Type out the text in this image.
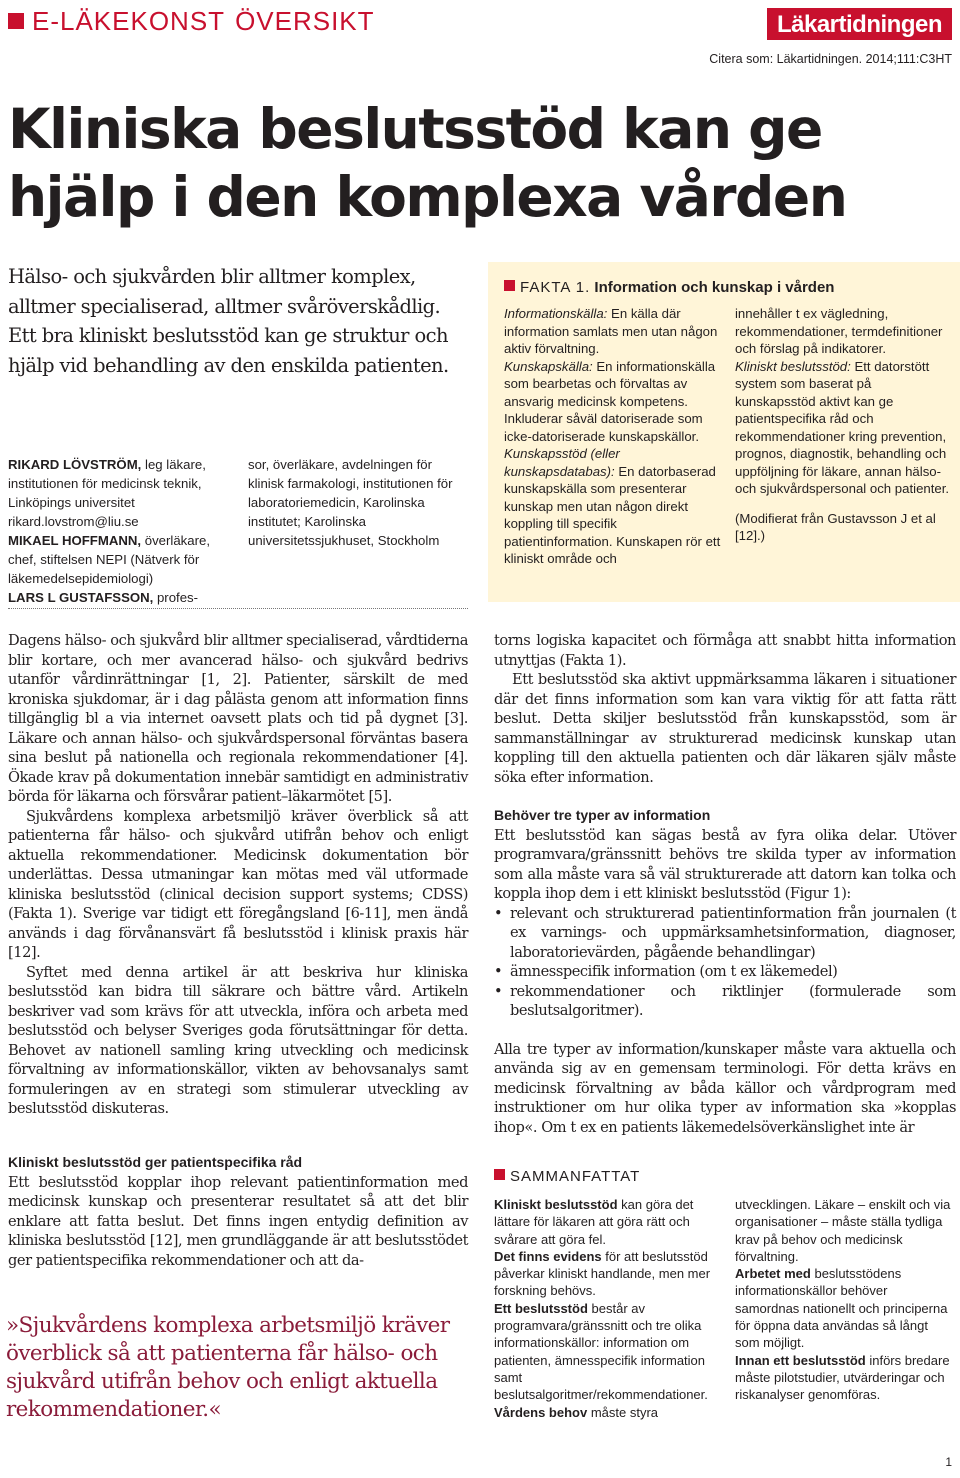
E-LÄKEKONST ÖVERSIKT	Läkartidningen
Citera som: Läkartidningen. 2014;111:C3HT
Kliniska beslutsstöd kan ge hjälp i den komplexa vården
Hälso- och sjukvården blir alltmer komplex, alltmer specialiserad, alltmer svåröverskådlig. Ett bra kliniskt beslutsstöd kan ge struktur och hjälp vid behandling av den enskilda patienten.

RIKARD LÖVSTRÖM, leg läkare, institutionen för medicinsk teknik, Linköpings universitet rikard.lovstrom@liu.se

MIKAEL HOFFMANN, överläkare, chef, stiftelsen NEPI (Nätverk för läkemedelsepidemiologi)

LARS L GUSTAFSSON, profes-

sor, överläkare, avdelningen för klinisk farmakologi, institutionen för laboratoriemedicin, Karolinska institutet; Karolinska universitetssjukhuset, Stockholm

FAKTA 1. Information och kunskap i vården

Informationskälla: En källa där information samlats men utan någon aktiv förvaltning.

Kunskapskälla: En informationskälla som bearbetas och förvaltas av ansvarig medicinsk kompetens. Inkluderar såväl datoriserade som icke-datoriserade kunskapskällor.

Kunskapsstöd (eller kunskapsdatabas): En datorbaserad kunskapskälla som presenterar kunskap men utan någon direkt koppling till specifik patientinformation. Kunskapen rör ett kliniskt område och

innehåller t ex vägledning, rekommendationer, termdefinitioner och förslag på indikatorer.

Kliniskt beslutsstöd: Ett datorstött system som baserat på kunskapsstöd aktivt kan ge patientspecifika råd och rekommendationer kring prevention, prognos, diagnostik, behandling och uppföljning för läkare, annan hälso- och sjukvårdspersonal och patienter.

(Modifierat från Gustavsson J et al [12].)

Dagens hälso- och sjukvård blir alltmer specialiserad, vårdtiderna blir kortare, och mer avancerad hälso- och sjukvård bedrivs utanför vårdinrättningar [1, 2]. Patienter, särskilt de med kroniska sjukdomar, är i dag pålästa genom att information finns tillgänglig bl a via internet oavsett plats och tid på dygnet [3]. Läkare och annan hälso- och sjukvårdspersonal förväntas basera sina beslut på nationella och regionala rekommendationer [4]. Ökade krav på dokumentation innebär samtidigt en administrativ börda för läkarna och försvårar patient–läkarmötet [5].

Sjukvårdens komplexa arbetsmiljö kräver överblick så att patienterna får hälso- och sjukvård utifrån behov och enligt aktuella rekommendationer. Medicinsk dokumentation bör underlättas. Dessa utmaningar kan mötas med väl utformade kliniska beslutsstöd (clinical decision support systems; CDSS) (Fakta 1). Sverige var tidigt ett föregångsland [6-11], men ändå används i dag förvånansvärt få beslutsstöd i klinisk praxis här [12].

Syftet med denna artikel är att beskriva hur kliniska beslutsstöd kan bidra till säkrare och bättre vård. Artikeln beskriver vad som krävs för att utveckla, införa och arbeta med beslutsstöd och belyser Sveriges goda förutsättningar för detta. Behovet av nationell samling kring utveckling och medicinsk förvaltning av informationskällor, vikten av behovsanalys samt formuleringen av en strategi som stimulerar utveckling av beslutsstöd diskuteras.

Kliniskt beslutsstöd ger patientspecifika råd

Ett beslutsstöd kopplar ihop relevant patientinformation med medicinsk kunskap och presenterar resultatet så att det blir enklare att fatta beslut. Det finns ingen entydig definition av kliniska beslutsstöd [12], men grundläggande är att beslutsstödet ger patientspecifika rekommendationer och att da-

»Sjukvårdens komplexa arbetsmiljö kräver överblick så att patienterna får hälso- och sjukvård utifrån behov och enligt aktuella rekommendationer.«

torns logiska kapacitet och förmåga att snabbt hitta information utnyttjas (Fakta 1).

Ett beslutsstöd ska aktivt uppmärksamma läkaren i situationer där det finns information som kan vara viktig för att fatta rätt beslut. Detta skiljer beslutsstöd från kunskapsstöd, som är sammanställningar av strukturerad medicinsk kunskap utan koppling till den aktuella patienten och där läkaren själv måste söka efter information.

Behöver tre typer av information

Ett beslutsstöd kan sägas bestå av fyra olika delar. Utöver programvara/gränssnitt behövs tre skilda typer av information som alla måste vara så väl strukturerade att datorn kan tolka och koppla ihop dem i ett kliniskt beslutsstöd (Figur 1):

• relevant och strukturerad patientinformation från journalen (t ex varnings- och uppmärksamhetsinformation, diagnoser, laboratorievärden, pågående behandlingar)
• ämnesspecifik information (om t ex läkemedel)
• rekommendationer och riktlinjer (formulerade som beslutsalgoritmer).

Alla tre typer av information/kunskaper måste vara aktuella och använda sig av en gemensam terminologi. För detta krävs en medicinsk förvaltning av båda källor och vårdprogram med instruktioner om hur olika typer av information ska »kopplas ihop«. Om t ex en patients läkemedelsöverkänslighet inte är

SAMMANFATTAT

Kliniskt beslutsstöd kan göra det lättare för läkaren att göra rätt och svårare att göra fel.

Det finns evidens för att beslutsstöd påverkar kliniskt handlande, men mer forskning behövs.

Ett beslutsstöd består av programvara/gränssnitt och tre olika informationskällor: information om patienten, ämnesspecifik information samt beslutsalgoritmer/rekommendationer.

Vårdens behov måste styra

utvecklingen. Läkare – enskilt och via organisationer – måste ställa tydliga krav på behov och medicinsk förvaltning.

Arbetet med beslutsstödens informationskällor behöver samordnas nationellt och principerna för öppna data användas så långt som möjligt.

Innan ett beslutsstöd införs bredare måste pilotstudier, utvärderingar och riskanalyser genomföras.

1
